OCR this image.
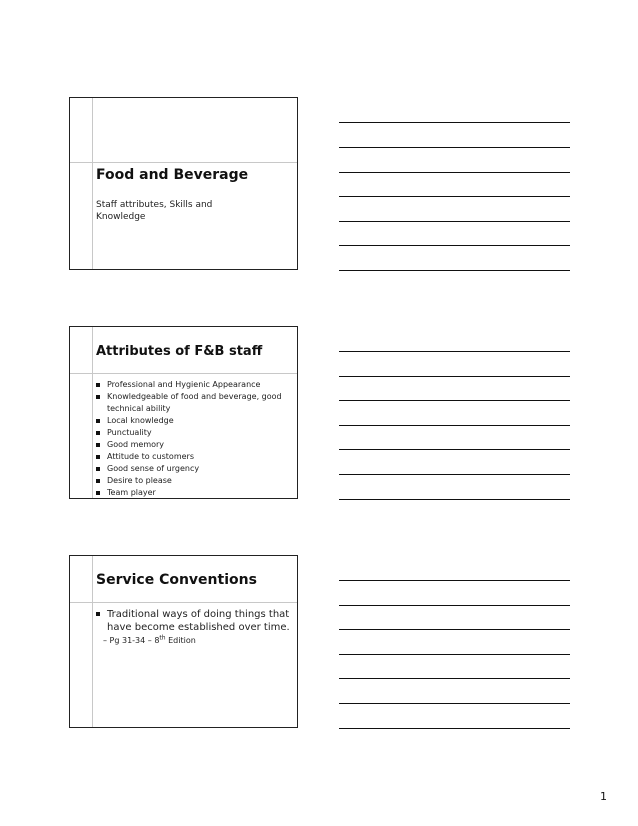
Food and Beverage
Staff attributes, Skills and Knowledge
Attributes of F&B staff
Professional and Hygienic Appearance
Knowledgeable of food and beverage, good technical ability
Local knowledge
Punctuality
Good memory
Attitude to customers
Good sense of urgency
Desire to please
Team player
Service Conventions
Traditional ways of doing things that have become established over time.
– Pg 31-34 – 8th Edition
1
